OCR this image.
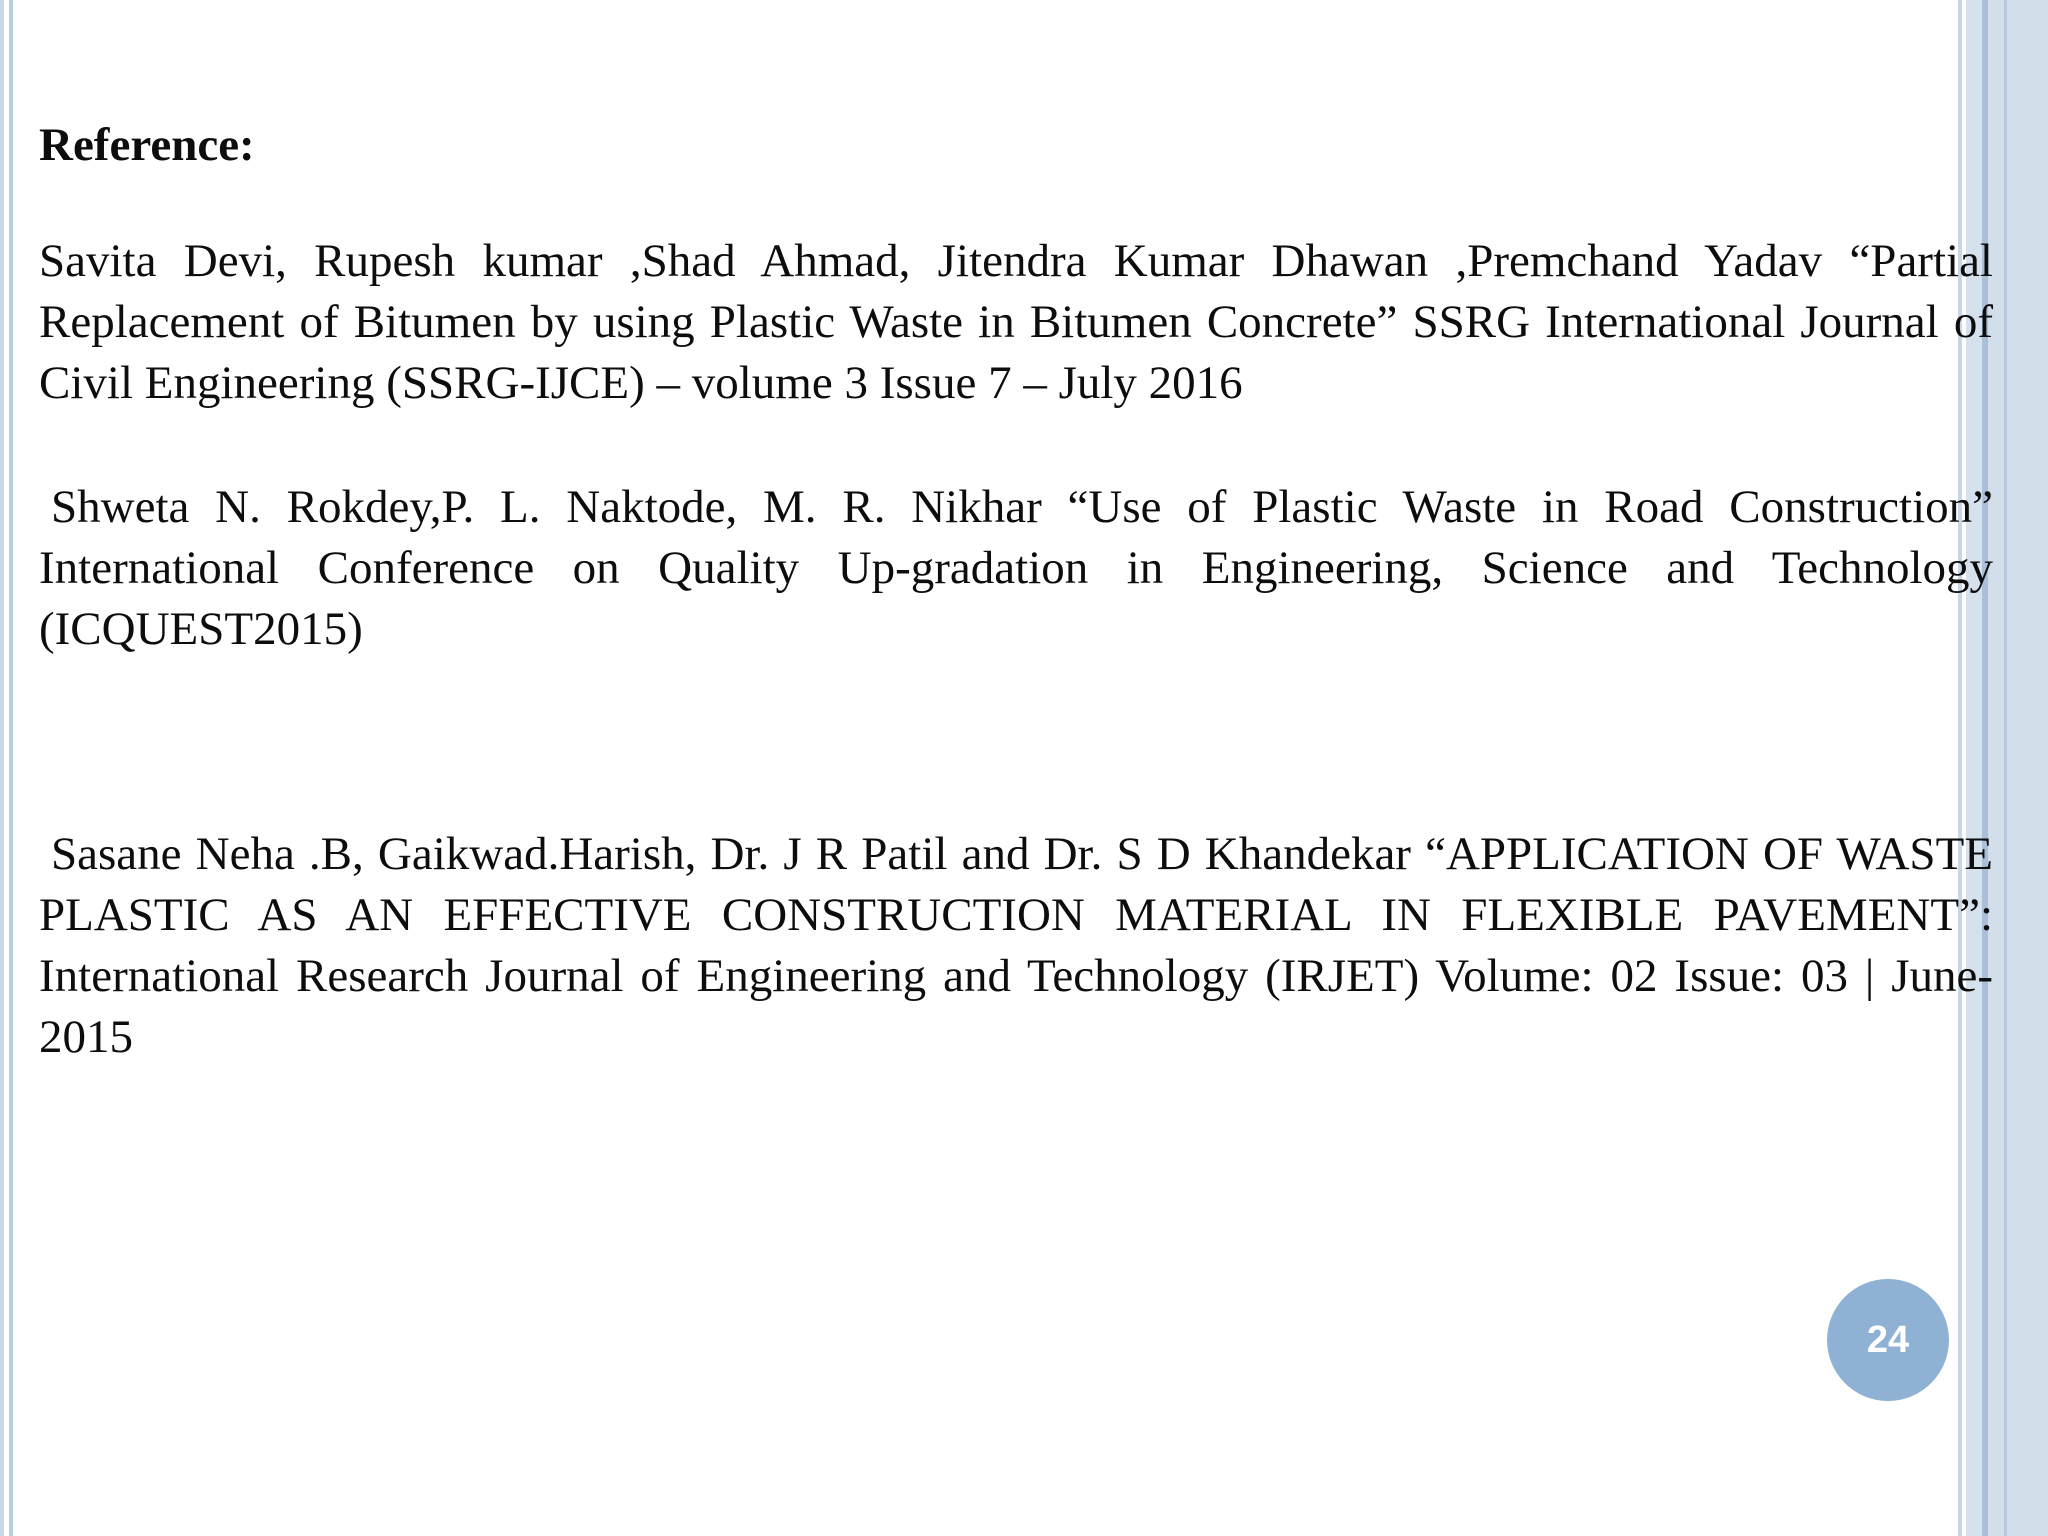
Reference:

Savita Devi, Rupesh kumar ,Shad Ahmad, Jitendra Kumar Dhawan ,Premchand Yadav “Partial Replacement of Bitumen by using Plastic Waste in Bitumen Concrete” SSRG International Journal of Civil Engineering (SSRG-IJCE) – volume 3 Issue 7 – July 2016

Shweta N. Rokdey,P. L. Naktode, M. R. Nikhar “Use of Plastic Waste in Road Construction” International Conference on Quality Up-gradation in Engineering, Science and Technology (ICQUEST2015)

Sasane Neha .B, Gaikwad.Harish, Dr. J R Patil and Dr. S D Khandekar “APPLICATION OF WASTE PLASTIC AS AN EFFECTIVE CONSTRUCTION MATERIAL IN FLEXIBLE PAVEMENT”: International Research Journal of Engineering and Technology (IRJET) Volume: 02 Issue: 03 | June-2015

24
